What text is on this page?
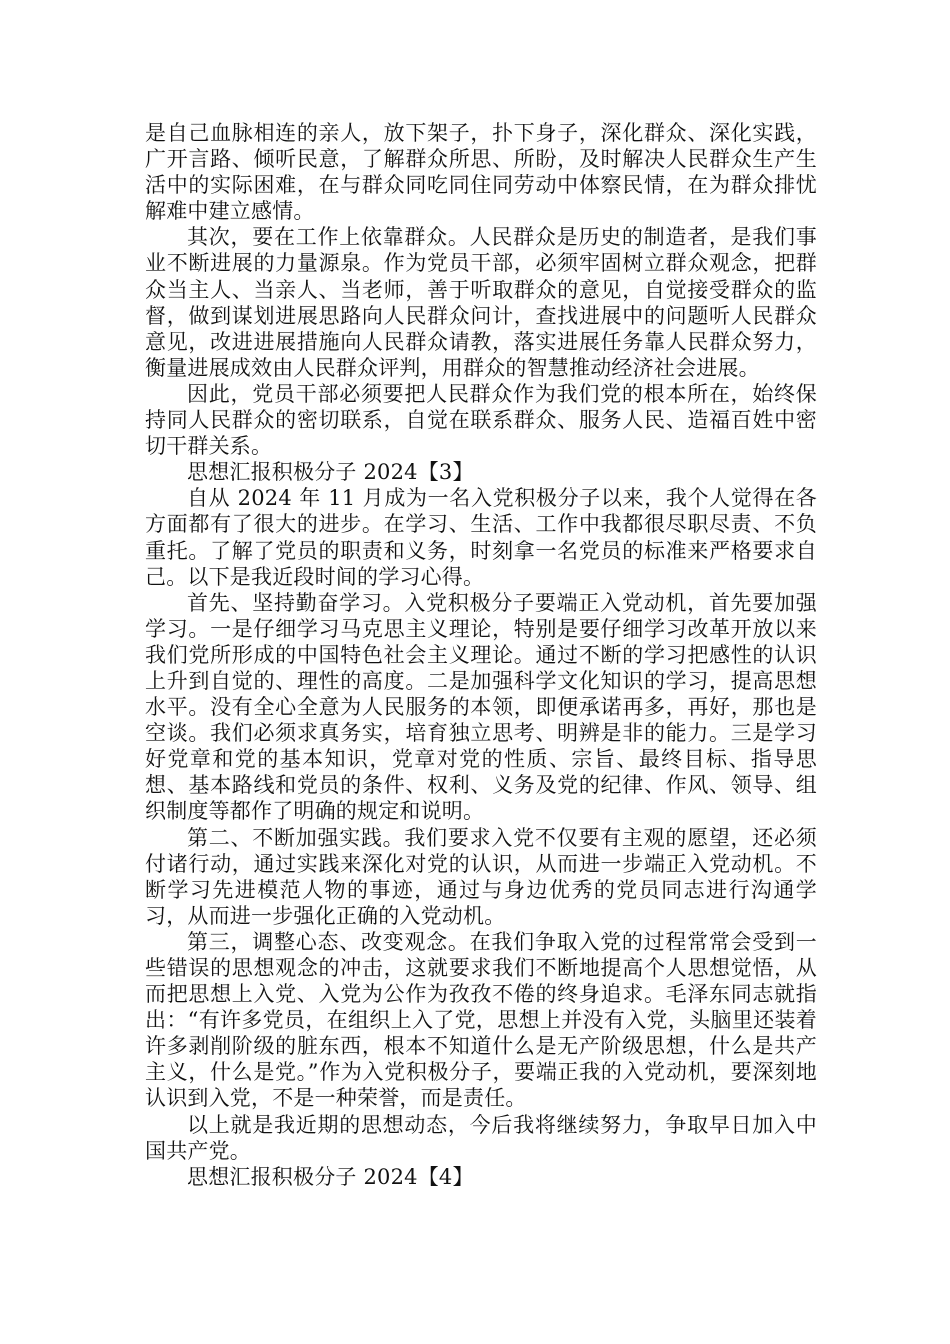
是自己血脉相连的亲人，放下架子，扑下身子，深化群众、深化实践，广开言路、倾听民意，了解群众所思、所盼，及时解决人民群众生产生活中的实际困难，在与群众同吃同住同劳动中体察民情，在为群众排忧解难中建立感情。

其次，要在工作上依靠群众。人民群众是历史的制造者，是我们事业不断进展的力量源泉。作为党员干部，必须牢固树立群众观念，把群众当主人、当亲人、当老师，善于听取群众的意见，自觉接受群众的监督，做到谋划进展思路向人民群众问计，查找进展中的问题听人民群众意见，改进进展措施向人民群众请教，落实进展任务靠人民群众努力，衡量进展成效由人民群众评判，用群众的智慧推动经济社会进展。

因此，党员干部必须要把人民群众作为我们党的根本所在，始终保持同人民群众的密切联系，自觉在联系群众、服务人民、造福百姓中密切干群关系。

思想汇报积极分子 2024【3】

自从 2024 年 11 月成为一名入党积极分子以来，我个人觉得在各方面都有了很大的进步。在学习、生活、工作中我都很尽职尽责、不负重托。了解了党员的职责和义务，时刻拿一名党员的标准来严格要求自己。以下是我近段时间的学习心得。

首先、坚持勤奋学习。入党积极分子要端正入党动机，首先要加强学习。一是仔细学习马克思主义理论，特别是要仔细学习改革开放以来我们党所形成的中国特色社会主义理论。通过不断的学习把感性的认识上升到自觉的、理性的高度。二是加强科学文化知识的学习，提高思想水平。没有全心全意为人民服务的本领，即便承诺再多，再好，那也是空谈。我们必须求真务实，培育独立思考、明辨是非的能力。三是学习好党章和党的基本知识，党章对党的性质、宗旨、最终目标、指导思想、基本路线和党员的条件、权利、义务及党的纪律、作风、领导、组织制度等都作了明确的规定和说明。

第二、不断加强实践。我们要求入党不仅要有主观的愿望，还必须付诸行动，通过实践来深化对党的认识，从而进一步端正入党动机。不断学习先进模范人物的事迹，通过与身边优秀的党员同志进行沟通学习，从而进一步强化正确的入党动机。

第三，调整心态、改变观念。在我们争取入党的过程常常会受到一些错误的思想观念的冲击，这就要求我们不断地提高个人思想觉悟，从而把思想上入党、入党为公作为孜孜不倦的终身追求。毛泽东同志就指出：“有许多党员，在组织上入了党，思想上并没有入党，头脑里还装着许多剥削阶级的脏东西，根本不知道什么是无产阶级思想，什么是共产主义，什么是党。”作为入党积极分子，要端正我的入党动机，要深刻地认识到入党，不是一种荣誉，而是责任。

以上就是我近期的思想动态，今后我将继续努力，争取早日加入中国共产党。

思想汇报积极分子 2024【4】
